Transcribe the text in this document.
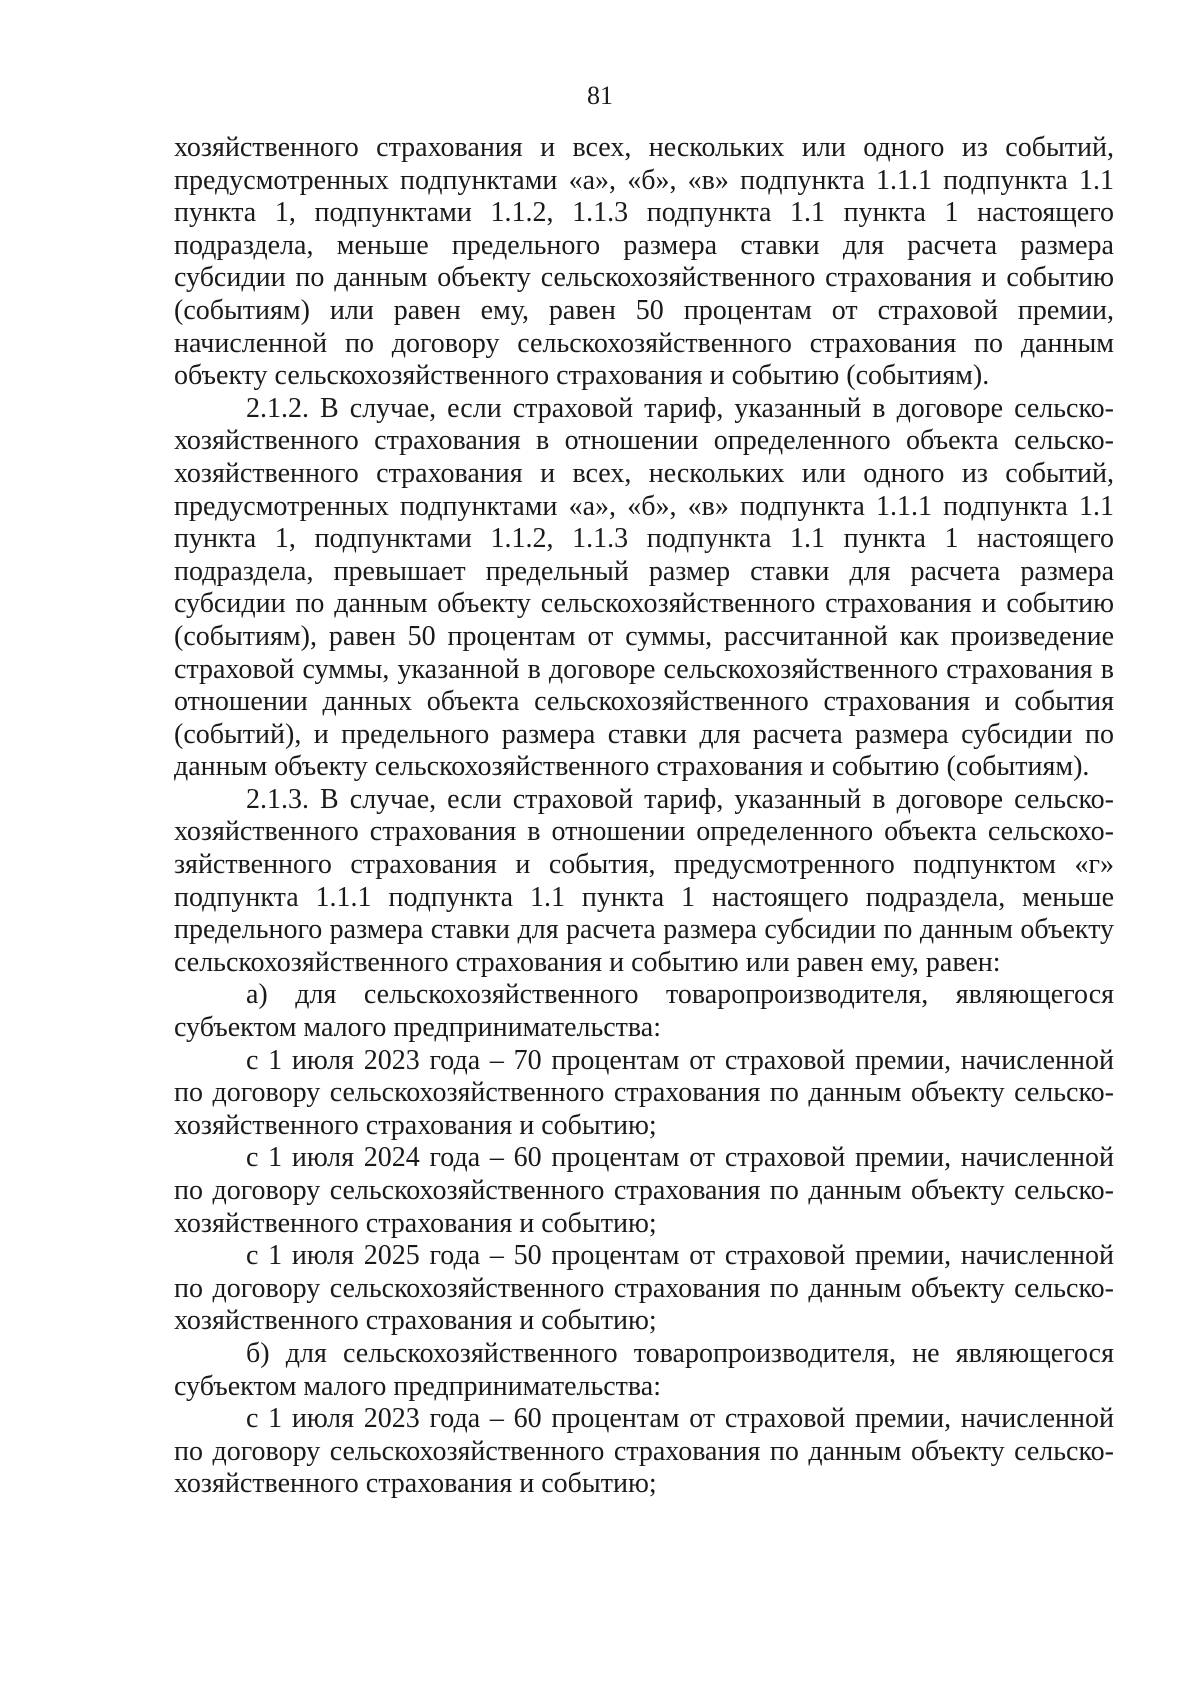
81

хозяйственного страхования и всех, нескольких или одного из событий, предусмотренных подпунктами «а», «б», «в» подпункта 1.1.1 подпункта 1.1 пункта 1, подпунктами 1.1.2, 1.1.3 подпункта 1.1 пункта 1 настоящего подраздела, меньше предельного размера ставки для расчета размера субсидии по данным объекту сельскохозяйственного страхования и событию (событиям) или равен ему, равен 50 процентам от страховой премии, начисленной по договору сельскохозяйственного страхования по данным объекту сельскохозяйственного страхования и событию (событиям).

2.1.2. В случае, если страховой тариф, указанный в договоре сельскохозяйственного страхования в отношении определенного объекта сельскохозяйственного страхования и всех, нескольких или одного из событий, предусмотренных подпунктами «а», «б», «в» подпункта 1.1.1 подпункта 1.1 пункта 1, подпунктами 1.1.2, 1.1.3 подпункта 1.1 пункта 1 настоящего подраздела, превышает предельный размер ставки для расчета размера субсидии по данным объекту сельскохозяйственного страхования и событию (событиям), равен 50 процентам от суммы, рассчитанной как произведение страховой суммы, указанной в договоре сельскохозяйственного страхования в отношении данных объекта сельскохозяйственного страхования и события (событий), и предельного размера ставки для расчета размера субсидии по данным объекту сельскохозяйственного страхования и событию (событиям).

2.1.3. В случае, если страховой тариф, указанный в договоре сельскохозяйственного страхования в отношении определенного объекта сельскохозяйственного страхования и события, предусмотренного подпунктом «г» подпункта 1.1.1 подпункта 1.1 пункта 1 настоящего подраздела, меньше предельного размера ставки для расчета размера субсидии по данным объекту сельскохозяйственного страхования и событию или равен ему, равен:

а) для сельскохозяйственного товаропроизводителя, являющегося субъектом малого предпринимательства:

с 1 июля 2023 года – 70 процентам от страховой премии, начисленной по договору сельскохозяйственного страхования по данным объекту сельскохозяйственного страхования и событию;

с 1 июля 2024 года – 60 процентам от страховой премии, начисленной по договору сельскохозяйственного страхования по данным объекту сельскохозяйственного страхования и событию;

с 1 июля 2025 года – 50 процентам от страховой премии, начисленной по договору сельскохозяйственного страхования по данным объекту сельскохозяйственного страхования и событию;

б) для сельскохозяйственного товаропроизводителя, не являющегося субъектом малого предпринимательства:

с 1 июля 2023 года – 60 процентам от страховой премии, начисленной по договору сельскохозяйственного страхования по данным объекту сельскохозяйственного страхования и событию;
